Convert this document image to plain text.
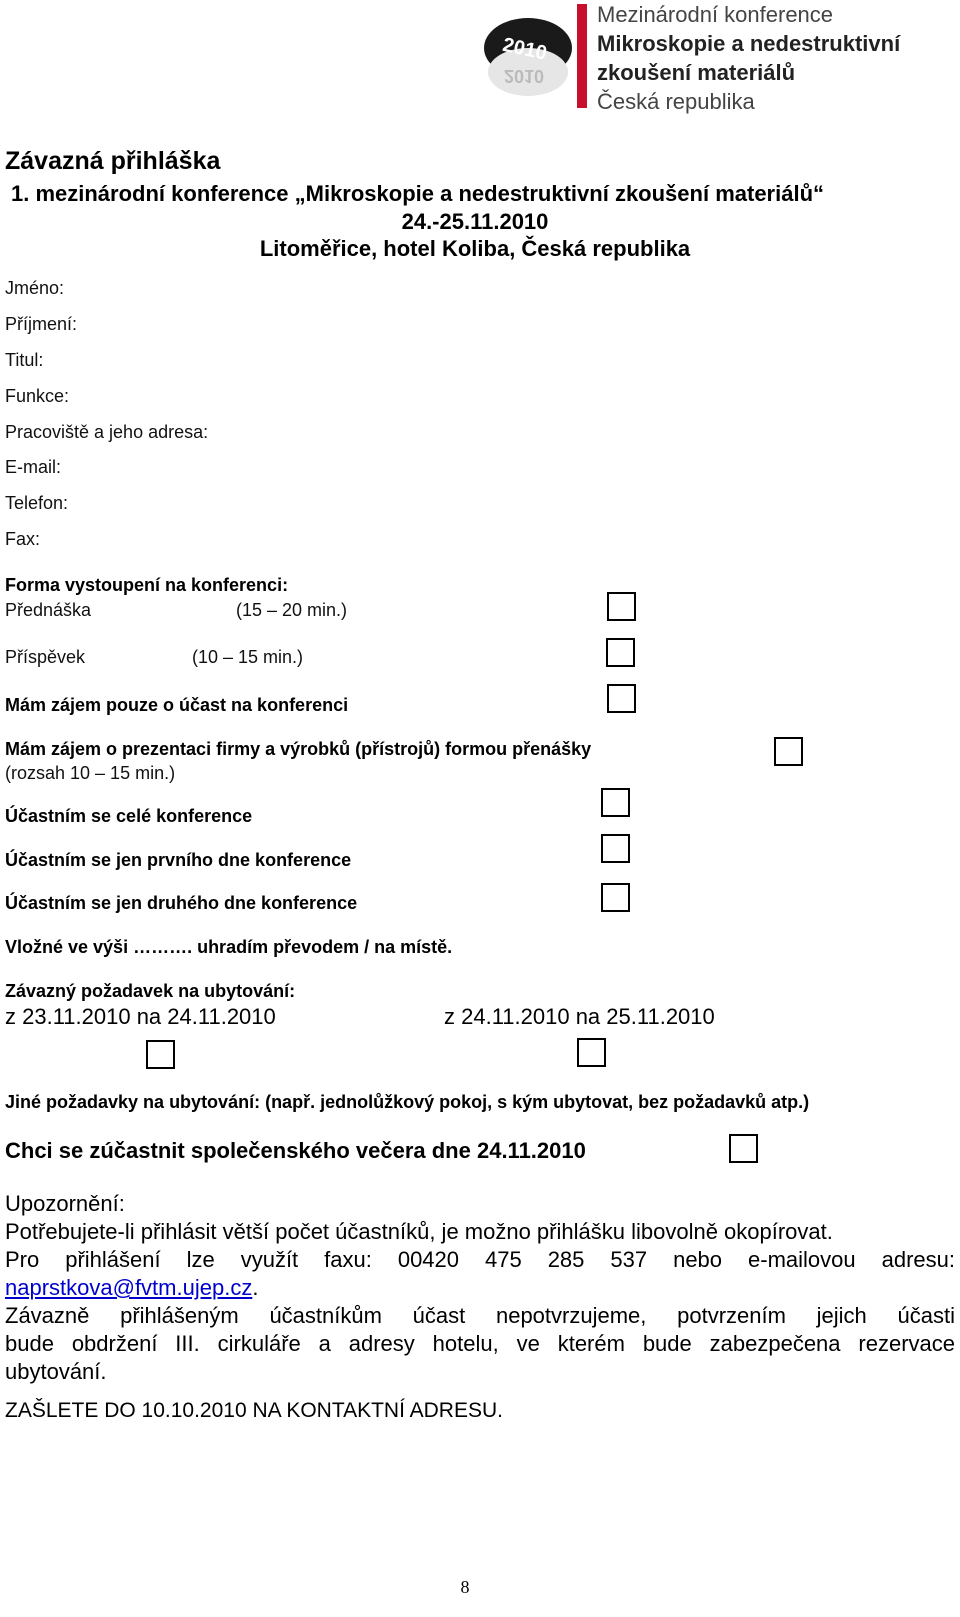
2010
2010
Mezinárodní konference
Mikroskopie a nedestruktivní
zkoušení materiálů
Česká republika
Závazná přihláška
1. mezinárodní konference „Mikroskopie a nedestruktivní zkoušení materiálů“
24.-25.11.2010
Litoměřice, hotel Koliba, Česká republika
Jméno:
Příjmení:
Titul:
Funkce:
Pracoviště a jeho adresa:
E-mail:
Telefon:
Fax:
Forma vystoupení na konferenci:
Přednáška	(15 – 20 min.)
Příspěvek	(10 – 15 min.)
Mám zájem pouze o účast na konferenci
Mám zájem o prezentaci firmy a výrobků (přístrojů) formou přenášky
(rozsah 10 – 15 min.)
Účastním se celé konference
Účastním se jen prvního dne konference
Účastním se jen druhého dne konference
Vložné ve výši ………. uhradím převodem / na místě.
Závazný požadavek na ubytování:
z 23.11.2010 na 24.11.2010	z 24.11.2010 na 25.11.2010
Jiné požadavky na ubytování: (např. jednolůžkový pokoj, s kým ubytovat, bez požadavků atp.)
Chci se zúčastnit společenského večera dne 24.11.2010
Upozornění:
Potřebujete-li přihlásit větší počet účastníků, je možno přihlášku libovolně okopírovat.
Pro přihlášení lze využít faxu: 00420 475 285 537 nebo e-mailovou adresu:
naprstkova@fvtm.ujep.cz.
Závazně přihlášeným účastníkům účast nepotvrzujeme, potvrzením jejich účasti
bude obdržení III. cirkuláře a adresy hotelu, ve kterém bude zabezpečena rezervace
ubytování.
ZAŠLETE DO 10.10.2010 NA KONTAKTNÍ ADRESU.
8
